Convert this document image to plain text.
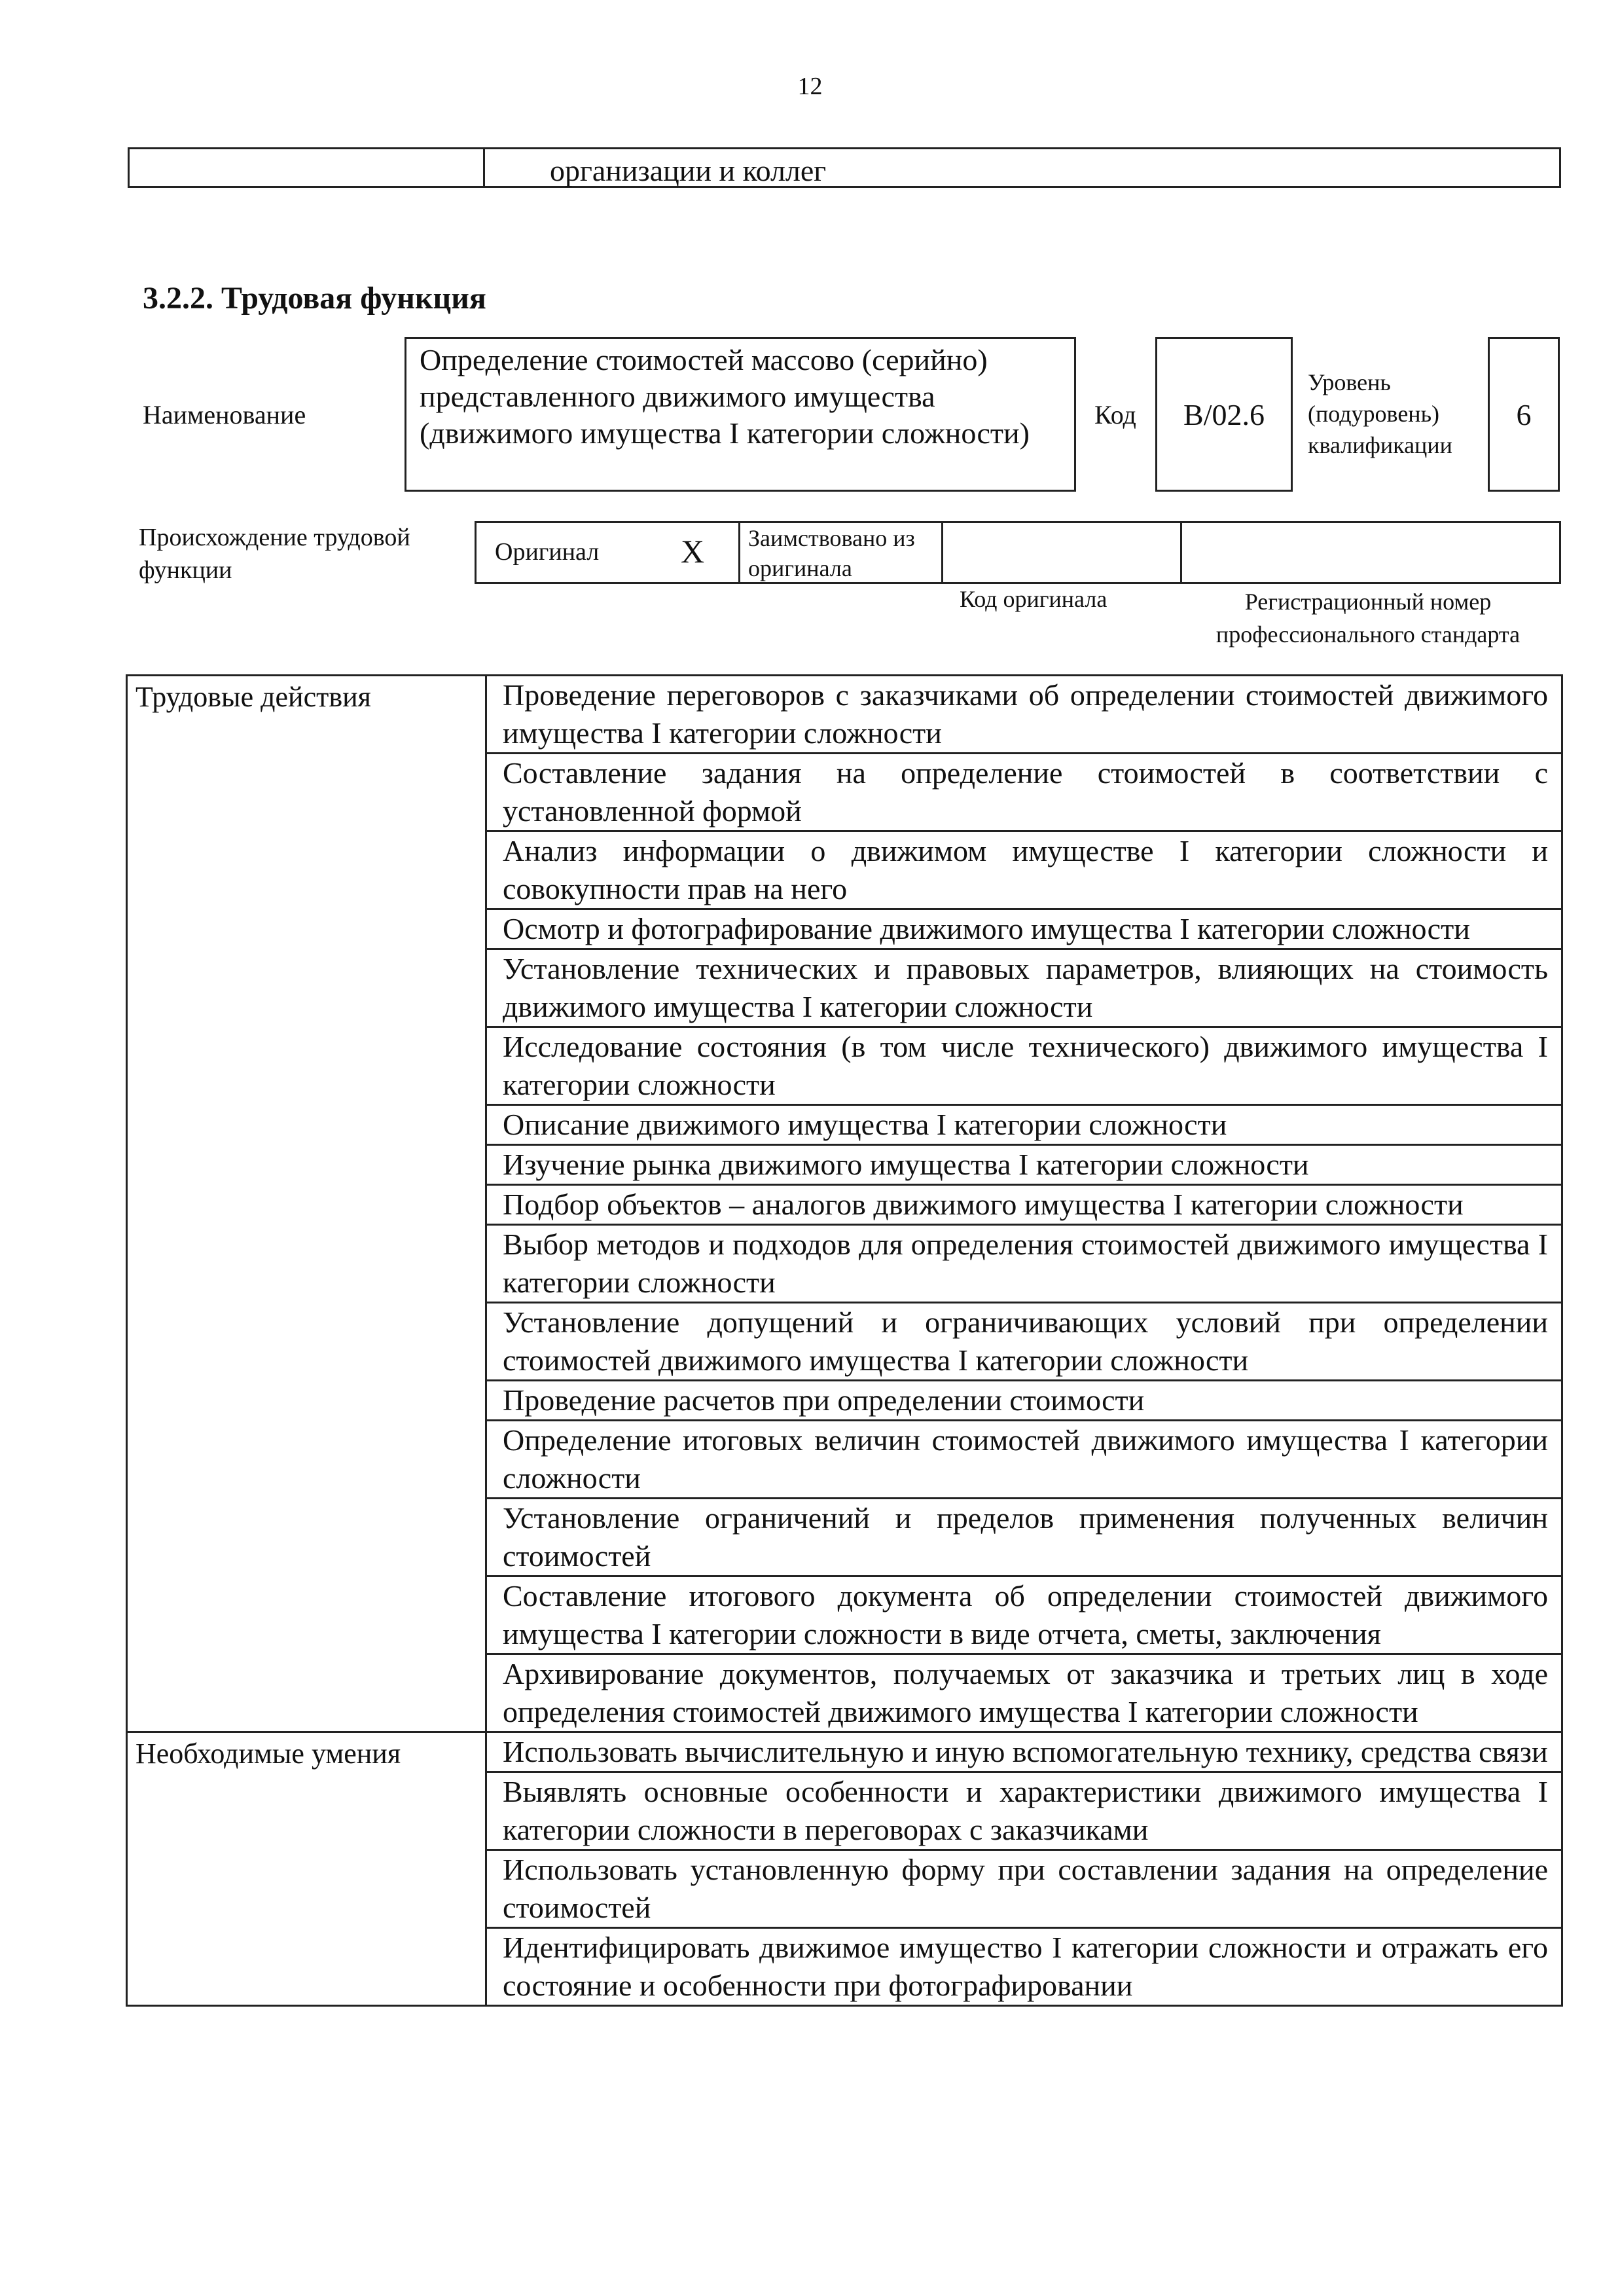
12
организации и коллег
3.2.2. Трудовая функция
Наименование
Определение стоимостей массово (серийно) представленного движимого имущества (движимого имущества I категории сложности)
Код B/02.6
Уровень (подуровень) квалификации
6
Происхождение трудовой функции
Оригинал X Заимствовано из оригинала
Код оригинала	Регистрационный номер профессионального стандарта
Трудовые действия	Проведение переговоров с заказчиками об определении стоимостей движимого имущества I категории сложности
	Составление задания на определение стоимостей в соответствии с установленной формой
	Анализ информации о движимом имуществе I категории сложности и совокупности прав на него
	Осмотр и фотографирование движимого имущества I категории сложности
	Установление технических и правовых параметров, влияющих на стоимость движимого имущества I категории сложности
	Исследование состояния (в том числе технического) движимого имущества I категории сложности
	Описание движимого имущества I категории сложности
	Изучение рынка движимого имущества I категории сложности
	Подбор объектов – аналогов движимого имущества I категории сложности
	Выбор методов и подходов для определения стоимостей движимого имущества I категории сложности
	Установление допущений и ограничивающих условий при определении стоимостей движимого имущества I категории сложности
	Проведение расчетов при определении стоимости
	Определение итоговых величин стоимостей движимого имущества I категории сложности
	Установление ограничений и пределов применения полученных величин стоимостей
	Составление итогового документа об определении стоимостей движимого имущества I категории сложности в виде отчета, сметы, заключения
	Архивирование документов, получаемых от заказчика и третьих лиц в ходе определения стоимостей движимого имущества I категории сложности
Необходимые умения	Использовать вычислительную и иную вспомогательную технику, средства связи
	Выявлять основные особенности и характеристики движимого имущества I категории сложности в переговорах с заказчиками
	Использовать установленную форму при составлении задания на определение стоимостей
	Идентифицировать движимое имущество I категории сложности и отражать его состояние и особенности при фотографировании
